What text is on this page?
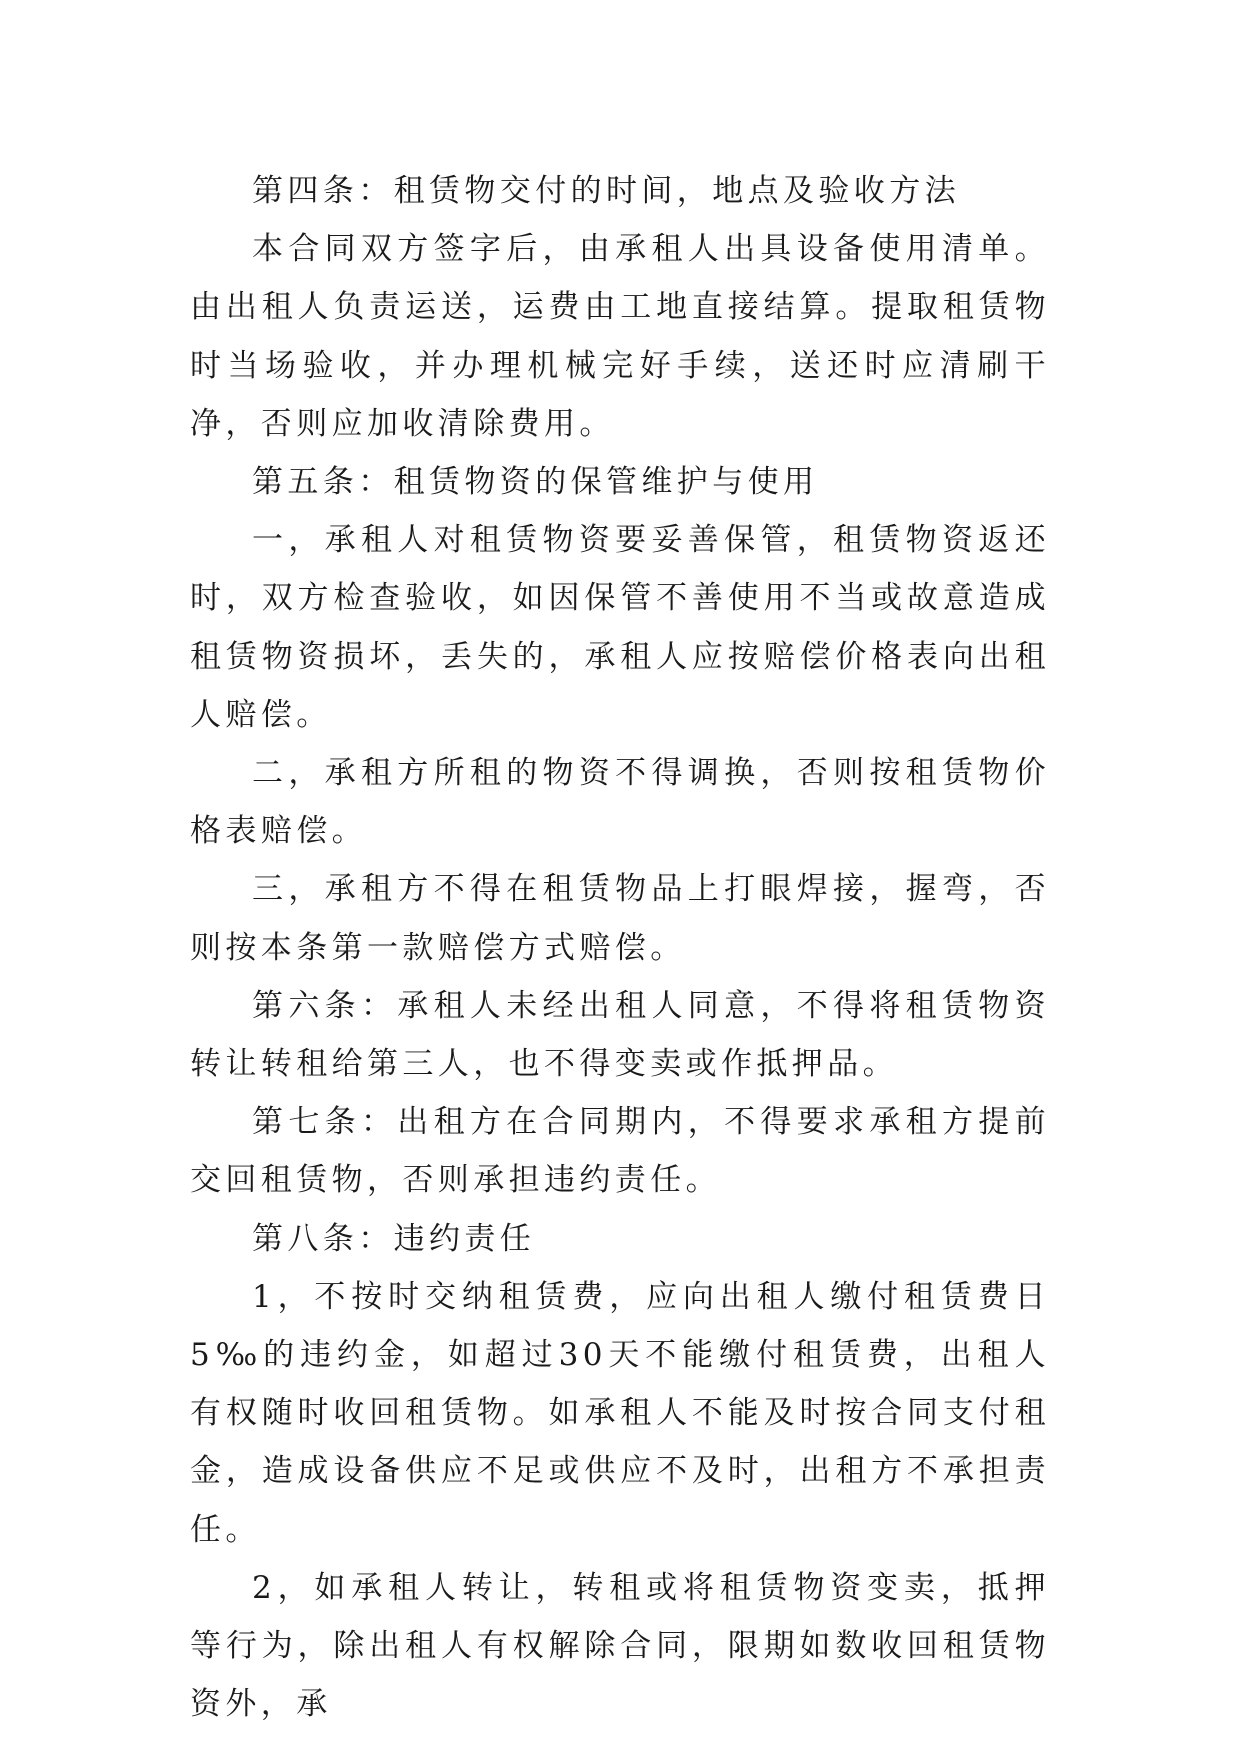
第四条：租赁物交付的时间，地点及验收方法

本合同双方签字后，由承租人出具设备使用清单。由出租人负责运送，运费由工地直接结算。提取租赁物时当场验收，并办理机械完好手续，送还时应清刷干净，否则应加收清除费用。

第五条：租赁物资的保管维护与使用

一，承租人对租赁物资要妥善保管，租赁物资返还时，双方检查验收，如因保管不善使用不当或故意造成租赁物资损坏，丢失的，承租人应按赔偿价格表向出租人赔偿。

二，承租方所租的物资不得调换，否则按租赁物价格表赔偿。

三，承租方不得在租赁物品上打眼焊接，握弯，否则按本条第一款赔偿方式赔偿。

第六条：承租人未经出租人同意，不得将租赁物资转让转租给第三人，也不得变卖或作抵押品。

第七条：出租方在合同期内，不得要求承租方提前交回租赁物，否则承担违约责任。

第八条：违约责任

1，不按时交纳租赁费，应向出租人缴付租赁费日5‰的违约金，如超过30天不能缴付租赁费，出租人有权随时收回租赁物。如承租人不能及时按合同支付租金，造成设备供应不足或供应不及时，出租方不承担责任。

2，如承租人转让，转租或将租赁物资变卖，抵押等行为，除出租人有权解除合同，限期如数收回租赁物资外，承
